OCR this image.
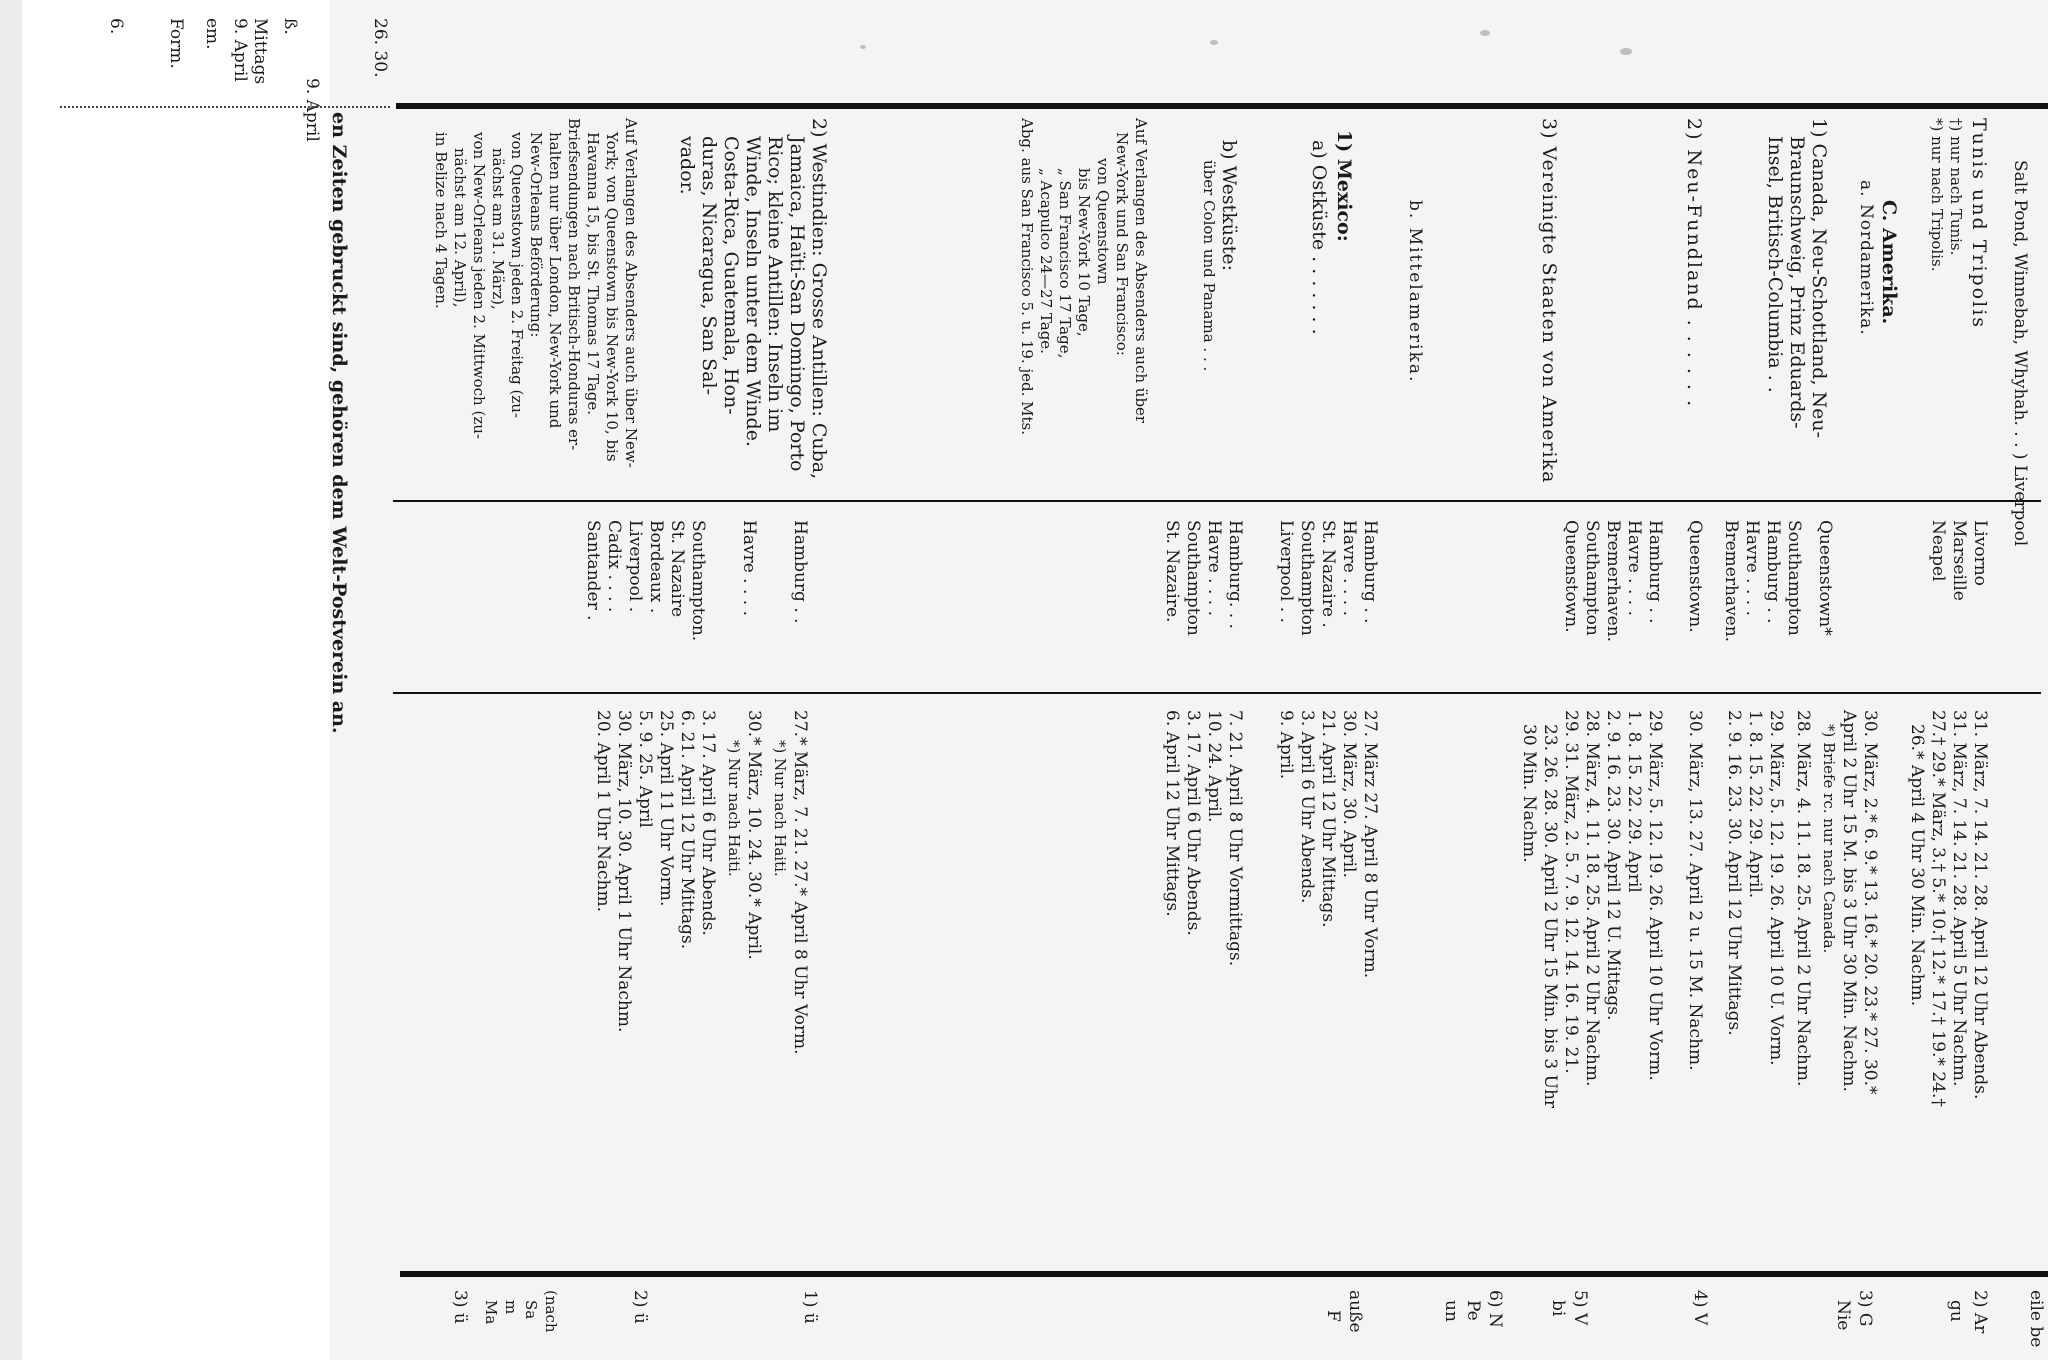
en Zeiten gebruckt sind, gehören dem Welt-Postverein an.
6. Form. em. 9. April Mittags ß.
9. April
26. 30.
Salt Pond, Winnebah, Whyhah. . . ) Liverpool
Tunis und Tripolis
†) nur nach Tunis.
*) nur nach Tripolis.
Livorno
Marseille
Neapel
31. März, 7. 14. 21. 28. April 12 Uhr Abends.
31. März, 7. 14. 21. 28. April 5 Uhr Nachm.
27.† 29.* März, 3.† 5.* 10.† 12.* 17.† 19.* 24.†
26.* April 4 Uhr 30 Min. Nachm.
C. Amerika.
a. Nordamerika.
1) Canada, Neu-Schottland, Neu-
Braunschweig, Prinz Eduards-
Insel, Britisch-Columbia . .
Queenstown*
Southampton
Hamburg . .
Havre . . . .
Bremerhaven.
30. März, 2.* 6. 9.* 13. 16.* 20. 23.* 27. 30.*
April 2 Uhr 15 M. bis 3 Uhr 30 Min. Nachm.
*) Briefe rc. nur nach Canada.
28. März, 4. 11. 18. 25. April 2 Uhr Nachm.
29. März, 5. 12. 19. 26. April 10 U. Vorm.
1. 8. 15. 22. 29. April.
2. 9. 16. 23. 30. April 12 Uhr Mittags.
2) Neu-Fundland . . . . . .
Queenstown.
30. März, 13. 27. April 2 u. 15 M. Nachm.
3) Vereinigte Staaten von Amerika
Hamburg . .
Havre . . . .
Bremerhaven.
Southampton
Queenstown.
29. März, 5. 12. 19. 26. April 10 Uhr Vorm.
1. 8. 15. 22. 29. April
2. 9. 16. 23. 30. April 12 U. Mittags.
28. März, 4. 11. 18. 25. April 2 Uhr Nachm.
29. 31. März, 2. 5. 7. 9. 12. 14. 16. 19. 21.
23. 26. 28. 30. April 2 Uhr 15 Min. bis 3 Uhr
30 Min. Nachm.
b. Mittelamerika.
1) Mexico:
a) Ostküste . . . . . . .
Hamburg . .
Havre . . . .
St. Nazaire .
Southampton
Liverpool . .
27. März 27. April 8 Uhr Vorm.
30. März, 30. April.
21. April 12 Uhr Mittags.
3. April 6 Uhr Abends.
9. April.
b) Westküste:
über Colon und Panama . . .
Hamburg. . .
Havre . . . .
Southampton
St. Nazaire.
7. 21. April 8 Uhr Vormittags.
10. 24. April.
3. 17. April 6 Uhr Abends.
6. April 12 Uhr Mittags.
Auf Verlangen des Absenders auch über
New-York und San Francisco:
von Queenstown
bis New-York 10 Tage,
„ San Francisco 17 Tage,
„ Acapulco 24—27 Tage.
Abg. aus San Francisco 5. u. 19. jed. Mts.
2) Westindien: Grosse Antillen: Cuba,
Jamaica, Haïti-San Domingo, Porto
Rico; kleine Antillen: Inseln im
Winde, Inseln unter dem Winde.
Costa-Rica, Guatemala, Hon-
duras, Nicaragua, San Sal-
vador.
Hamburg . .
Havre . . . .
Southampton.
St. Nazaire
Bordeaux .
Liverpool .
Cadix . . . .
Santander .
27.* März, 7. 21. 27.* April 8 Uhr Vorm.
*) Nur nach Haiti.
30.* März, 10. 24. 30.* April.
*) Nur nach Haiti.
3. 17. April 6 Uhr Abends.
6. 21. April 12 Uhr Mittags.
25. April 11 Uhr Vorm.
5. 9. 25. April
30. März, 10. 30. April 1 Uhr Nachm.
20. April 1 Uhr Nachm.
Auf Verlangen des Absenders auch über New-
York; von Queenstown bis New-York 10, bis
Havanna 15, bis St. Thomas 17 Tage.
Briefsendungen nach Britisch-Honduras er-
halten nur über London, New-York und
New-Orleans Beförderung:
von Queenstown jeden 2. Freitag (zu-
nächst am 31. März),
von New-Orleans jeden 2. Mittwoch (zu-
nächst am 12. April),
in Belize nach 4 Tagen.
eile be
2) Ar
gu
3) G
Nie
4) V
5) V
bi
6) N
Pe
un
auße
F
1) ü
2) ü
(nach
Sa
m
Ma
3) ü
